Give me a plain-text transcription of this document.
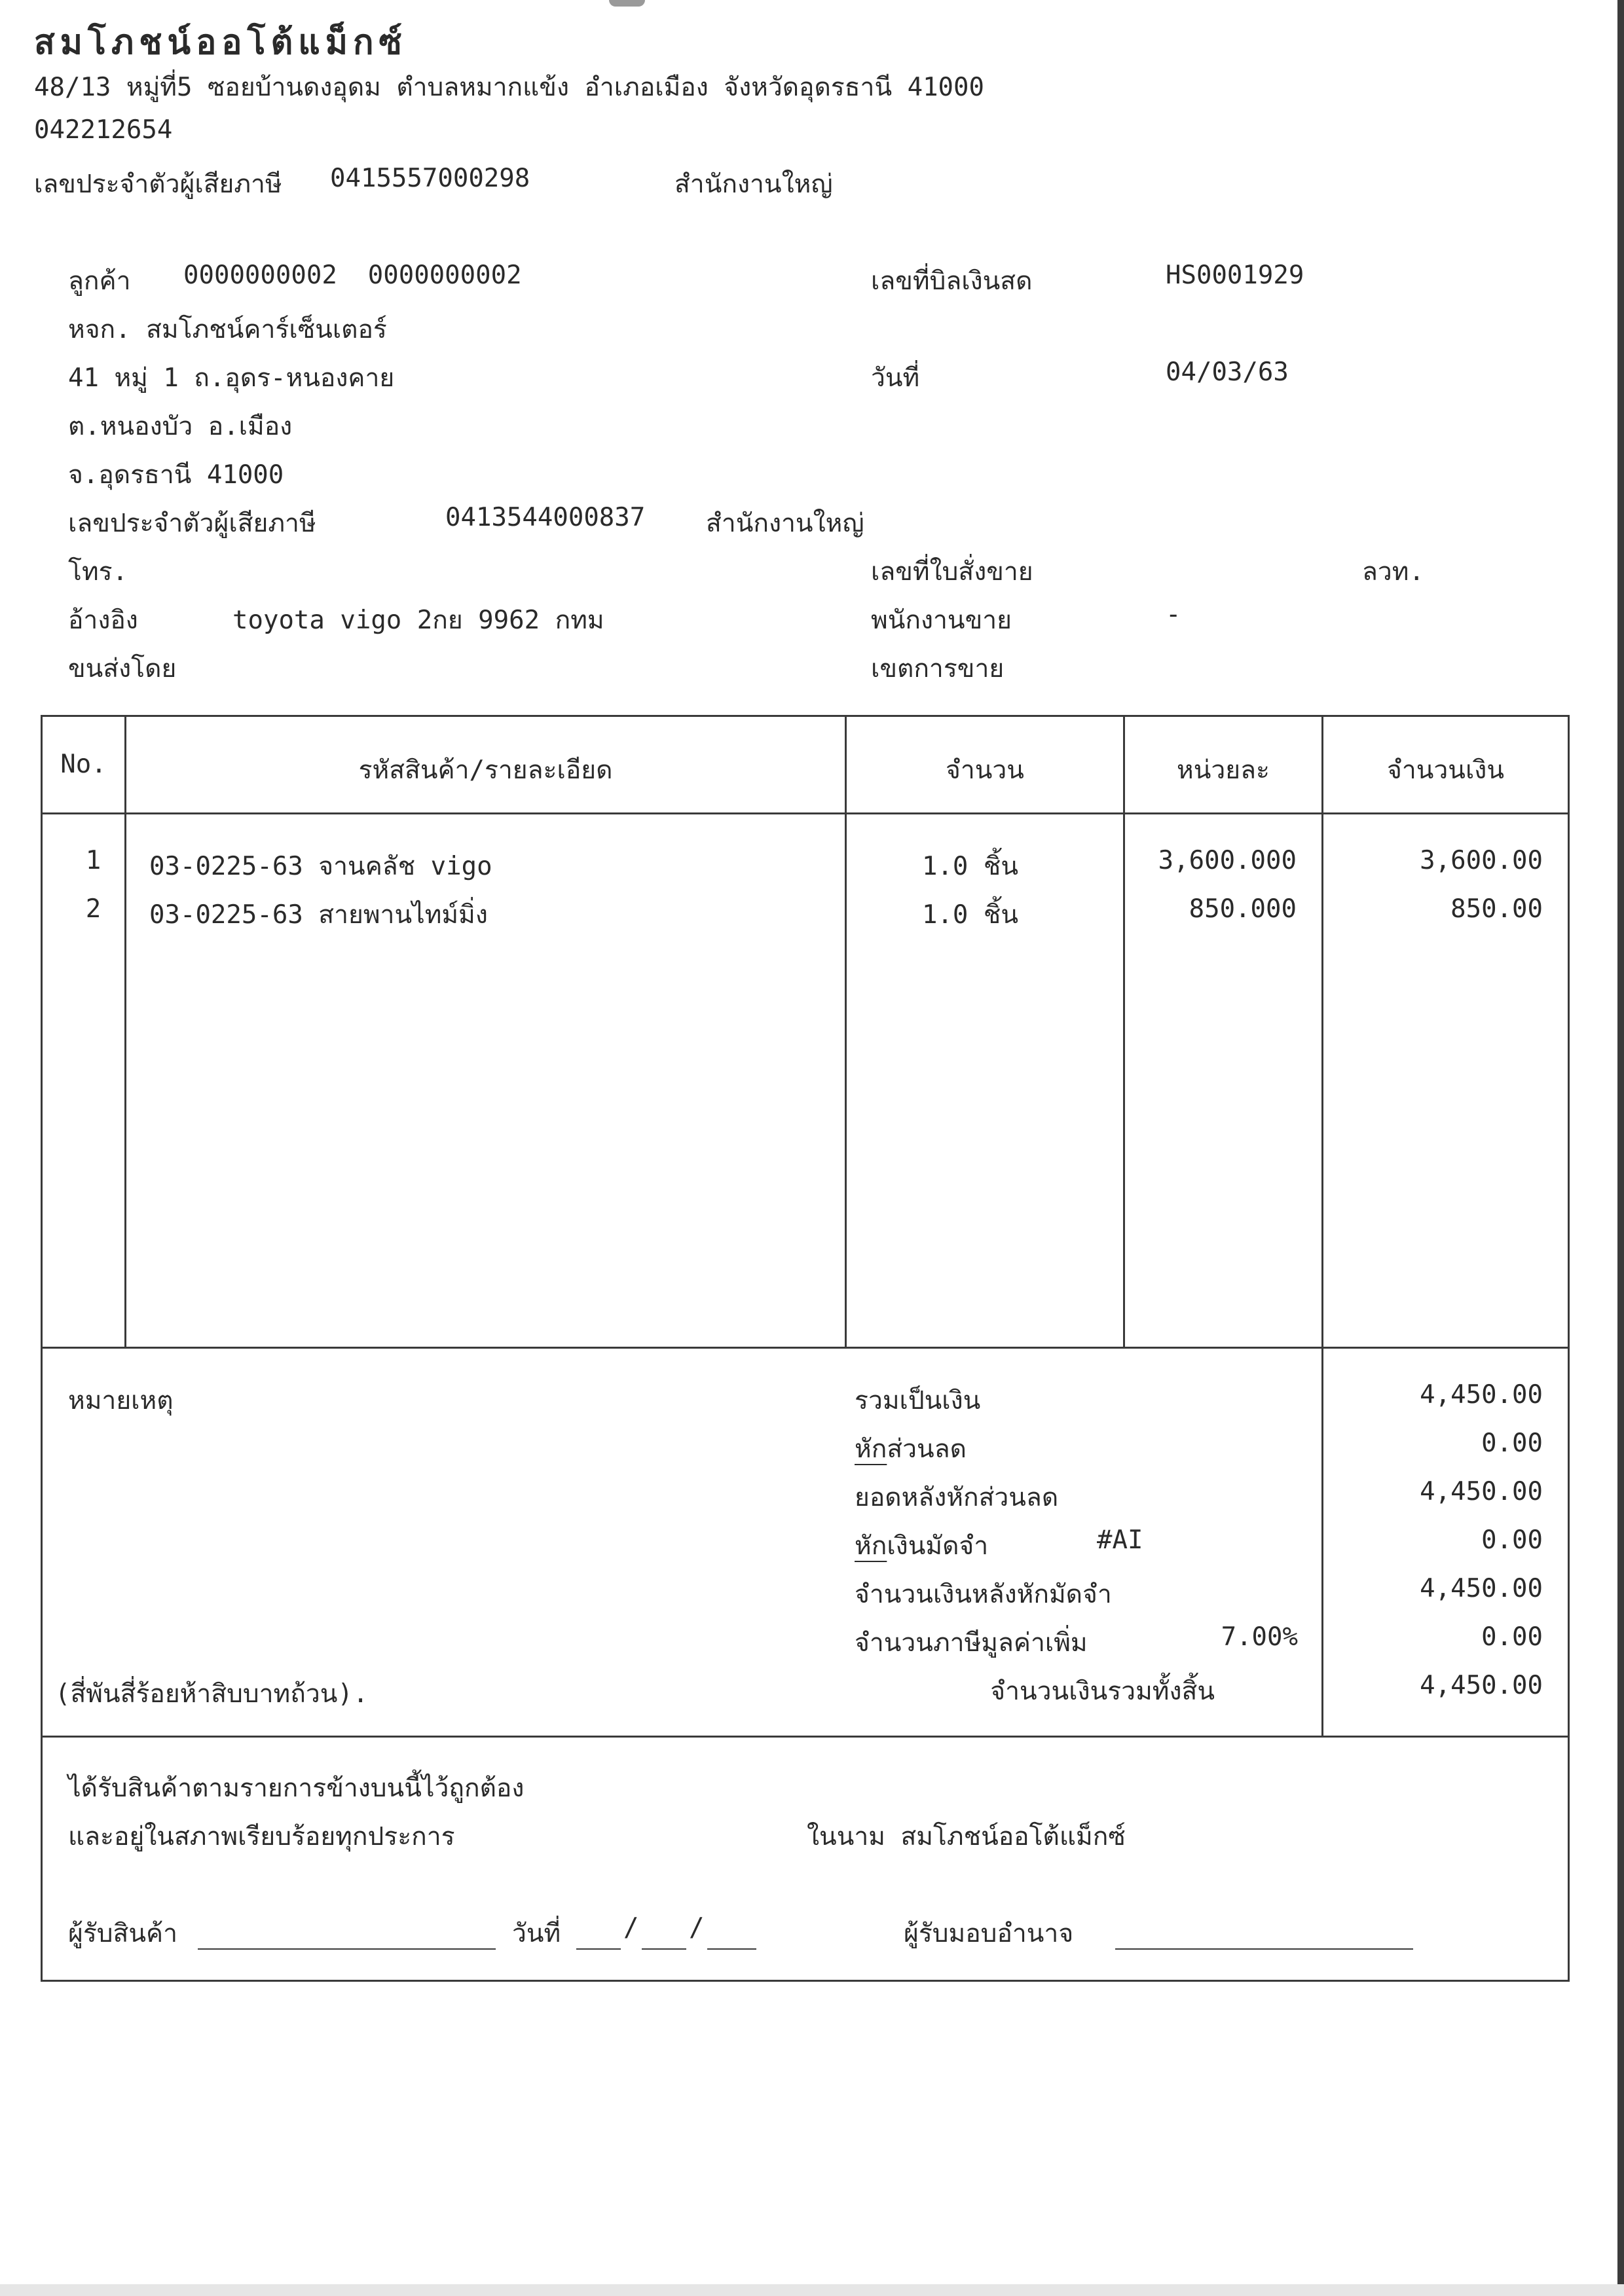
สมโภชน์ออโต้แม็กซ์
48/13 หมู่ที่5 ซอยบ้านดงอุดม ตำบลหมากแข้ง อำเภอเมือง จังหวัดอุดรธานี 41000
042212654
เลขประจำตัวผู้เสียภาษี 0415557000298	สำนักงานใหญ่
ลูกค้า 0000000002  0000000002
หจก. สมโภชน์คาร์เซ็นเตอร์
41 หมู่ 1 ถ.อุดร-หนองคาย
ต.หนองบัว อ.เมือง
จ.อุดรธานี 41000
เลขประจำตัวผู้เสียภาษี	0413544000837 สำนักงานใหญ่
โทร.
อ้างอิง	toyota vigo 2กย 9962 กทม
ขนส่งโดย
เลขที่บิลเงินสด	HS0001929
วันที่	04/03/63
เลขที่ใบสั่งขาย	ลวท.
พนักงานขาย	-
เขตการขาย
No.	รหัสสินค้า/รายละเอียด	จำนวน	หน่วยละ	จำนวนเงิน
1	03-0225-63 จานคลัช vigo	1.0 ชิ้น	3,600.000	3,600.00
2	03-0225-63 สายพานไทม์มิ่ง	1.0 ชิ้น	850.000	850.00
หมายเหตุ
(สี่พันสี่ร้อยห้าสิบบาทถ้วน).
รวมเป็นเงิน	4,450.00
หักส่วนลด	0.00
ยอดหลังหักส่วนลด	4,450.00
หักเงินมัดจำ	#AI	0.00
จำนวนเงินหลังหักมัดจำ	4,450.00
จำนวนภาษีมูลค่าเพิ่ม	7.00%	0.00
จำนวนเงินรวมทั้งสิ้น	4,450.00
ได้รับสินค้าตามรายการข้างบนนี้ไว้ถูกต้อง
และอยู่ในสภาพเรียบร้อยทุกประการ	ในนาม สมโภชน์ออโต้แม็กซ์
ผู้รับสินค้า	วันที่ / /	ผู้รับมอบอำนาจ
